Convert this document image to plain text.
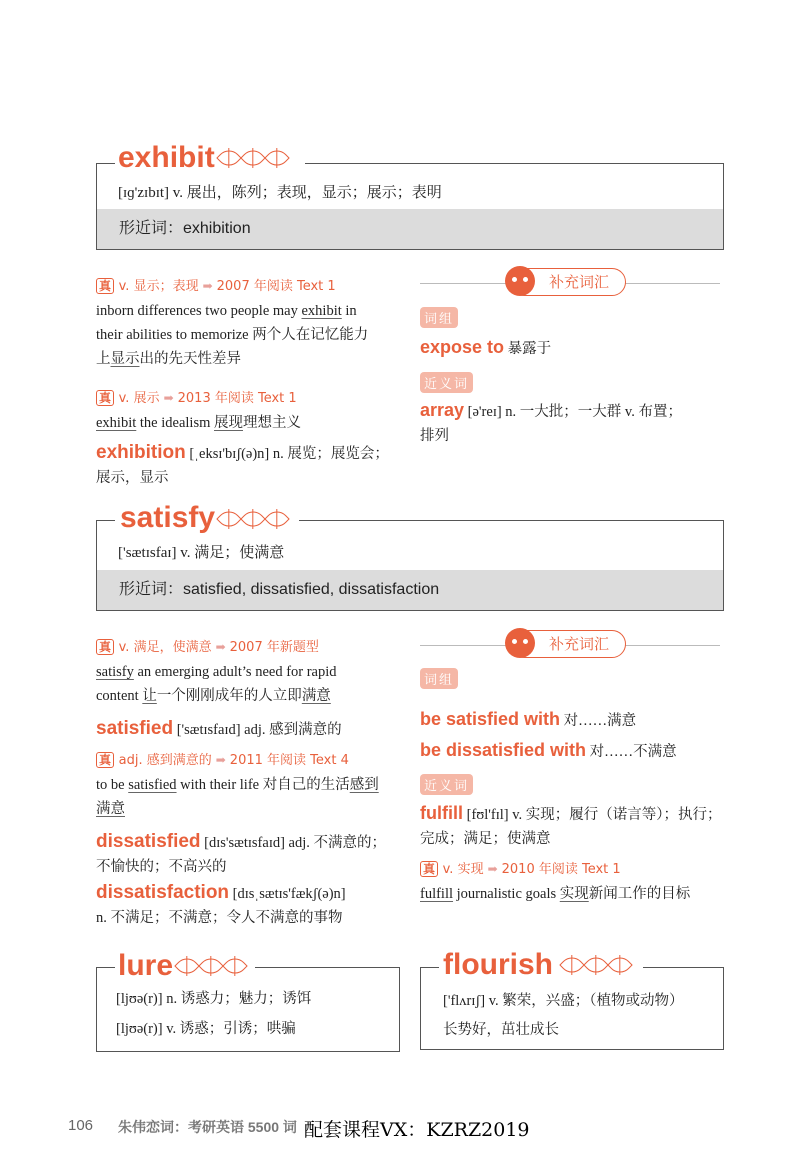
形近词：exhibition
exhibit
[ɪɡ'zɪbɪt] v. 展出，陈列；表现，显示；展示；表明
真 v. 显示；表现 ➡ 2007 年阅读 Text 1
inborn differences two people may exhibit in
their abilities to memorize 两个人在记忆能力
上显示出的先天性差异
真 v. 展示 ➡ 2013 年阅读 Text 1
exhibit the idealism 展现理想主义
exhibition [ˌeksɪ'bɪʃ(ə)n] n. 展览；展览会；
展示，显示
补充词汇
词组
expose to 暴露于
近义词
array [ə'reɪ] n. 一大批；一大群 v. 布置；
排列
形近词：satisfied, dissatisfied, dissatisfaction
satisfy
['sætɪsfaɪ] v. 满足；使满意
真 v. 满足，使满意 ➡ 2007 年新题型
satisfy an emerging adult’s need for rapid
content 让一个刚刚成年的人立即满意
satisfied ['sætɪsfaɪd] adj. 感到满意的
真 adj. 感到满意的 ➡ 2011 年阅读 Text 4
to be satisfied with their life 对自己的生活感到
满意
dissatisfied [dɪs'sætɪsfaɪd] adj. 不满意的；
不愉快的；不高兴的
dissatisfaction [dɪsˌsætɪs'fækʃ(ə)n]
n. 不满足；不满意；令人不满意的事物
补充词汇
词组
be satisfied with 对……满意
be dissatisfied with 对……不满意
近义词
fulfill [fʊl'fɪl] v. 实现；履行（诺言等）；执行；
完成；满足；使满意
真 v. 实现 ➡ 2010 年阅读 Text 1
fulfill journalistic goals 实现新闻工作的目标
lure
[ljʊə(r)] n. 诱惑力；魅力；诱饵
[ljʊə(r)] v. 诱惑；引诱；哄骗
flourish
['flʌrɪʃ] v. 繁荣，兴盛；（植物或动物）
长势好，茁壮成长
106 朱伟恋词：考研英语 5500 词 配套课程VX：KZRZ2019
